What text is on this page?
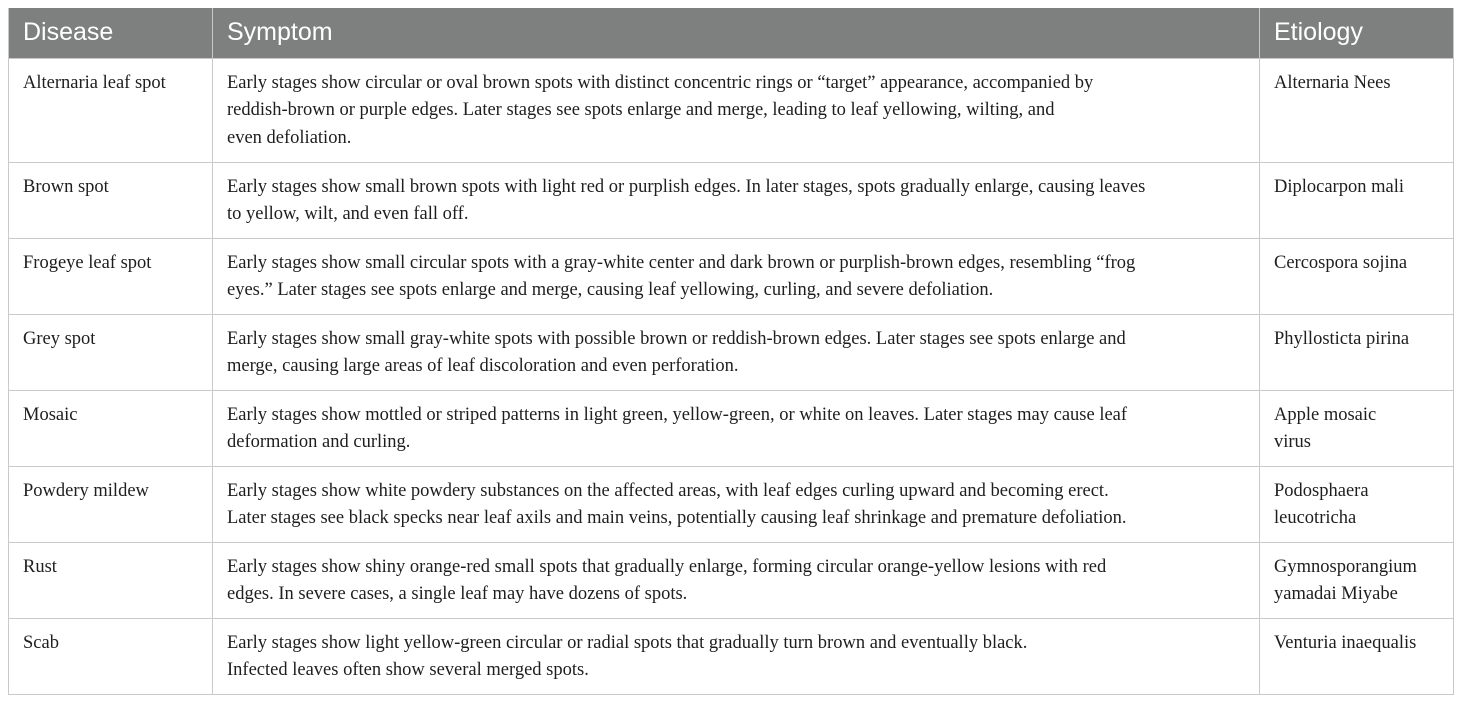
Disease	Symptom	Etiology
Alternaria leaf spot	Early stages show circular or oval brown spots with distinct concentric rings or “target” appearance, accompanied by
reddish-brown or purple edges. Later stages see spots enlarge and merge, leading to leaf yellowing, wilting, and
even defoliation.	Alternaria Nees

Brown spot	Early stages show small brown spots with light red or purplish edges. In later stages, spots gradually enlarge, causing leaves
to yellow, wilt, and even fall off.	Diplocarpon mali

Frogeye leaf spot	Early stages show small circular spots with a gray-white center and dark brown or purplish-brown edges, resembling “frog
eyes.” Later stages see spots enlarge and merge, causing leaf yellowing, curling, and severe defoliation.	Cercospora sojina

Grey spot	Early stages show small gray-white spots with possible brown or reddish-brown edges. Later stages see spots enlarge and
merge, causing large areas of leaf discoloration and even perforation.	Phyllosticta pirina

Mosaic	Early stages show mottled or striped patterns in light green, yellow-green, or white on leaves. Later stages may cause leaf
deformation and curling.	Apple mosaic
virus

Powdery mildew	Early stages show white powdery substances on the affected areas, with leaf edges curling upward and becoming erect.
Later stages see black specks near leaf axils and main veins, potentially causing leaf shrinkage and premature defoliation.	Podosphaera
leucotricha

Rust	Early stages show shiny orange-red small spots that gradually enlarge, forming circular orange-yellow lesions with red
edges. In severe cases, a single leaf may have dozens of spots.	Gymnosporangium
yamadai Miyabe

Scab	Early stages show light yellow-green circular or radial spots that gradually turn brown and eventually black.
Infected leaves often show several merged spots.	Venturia inaequalis
